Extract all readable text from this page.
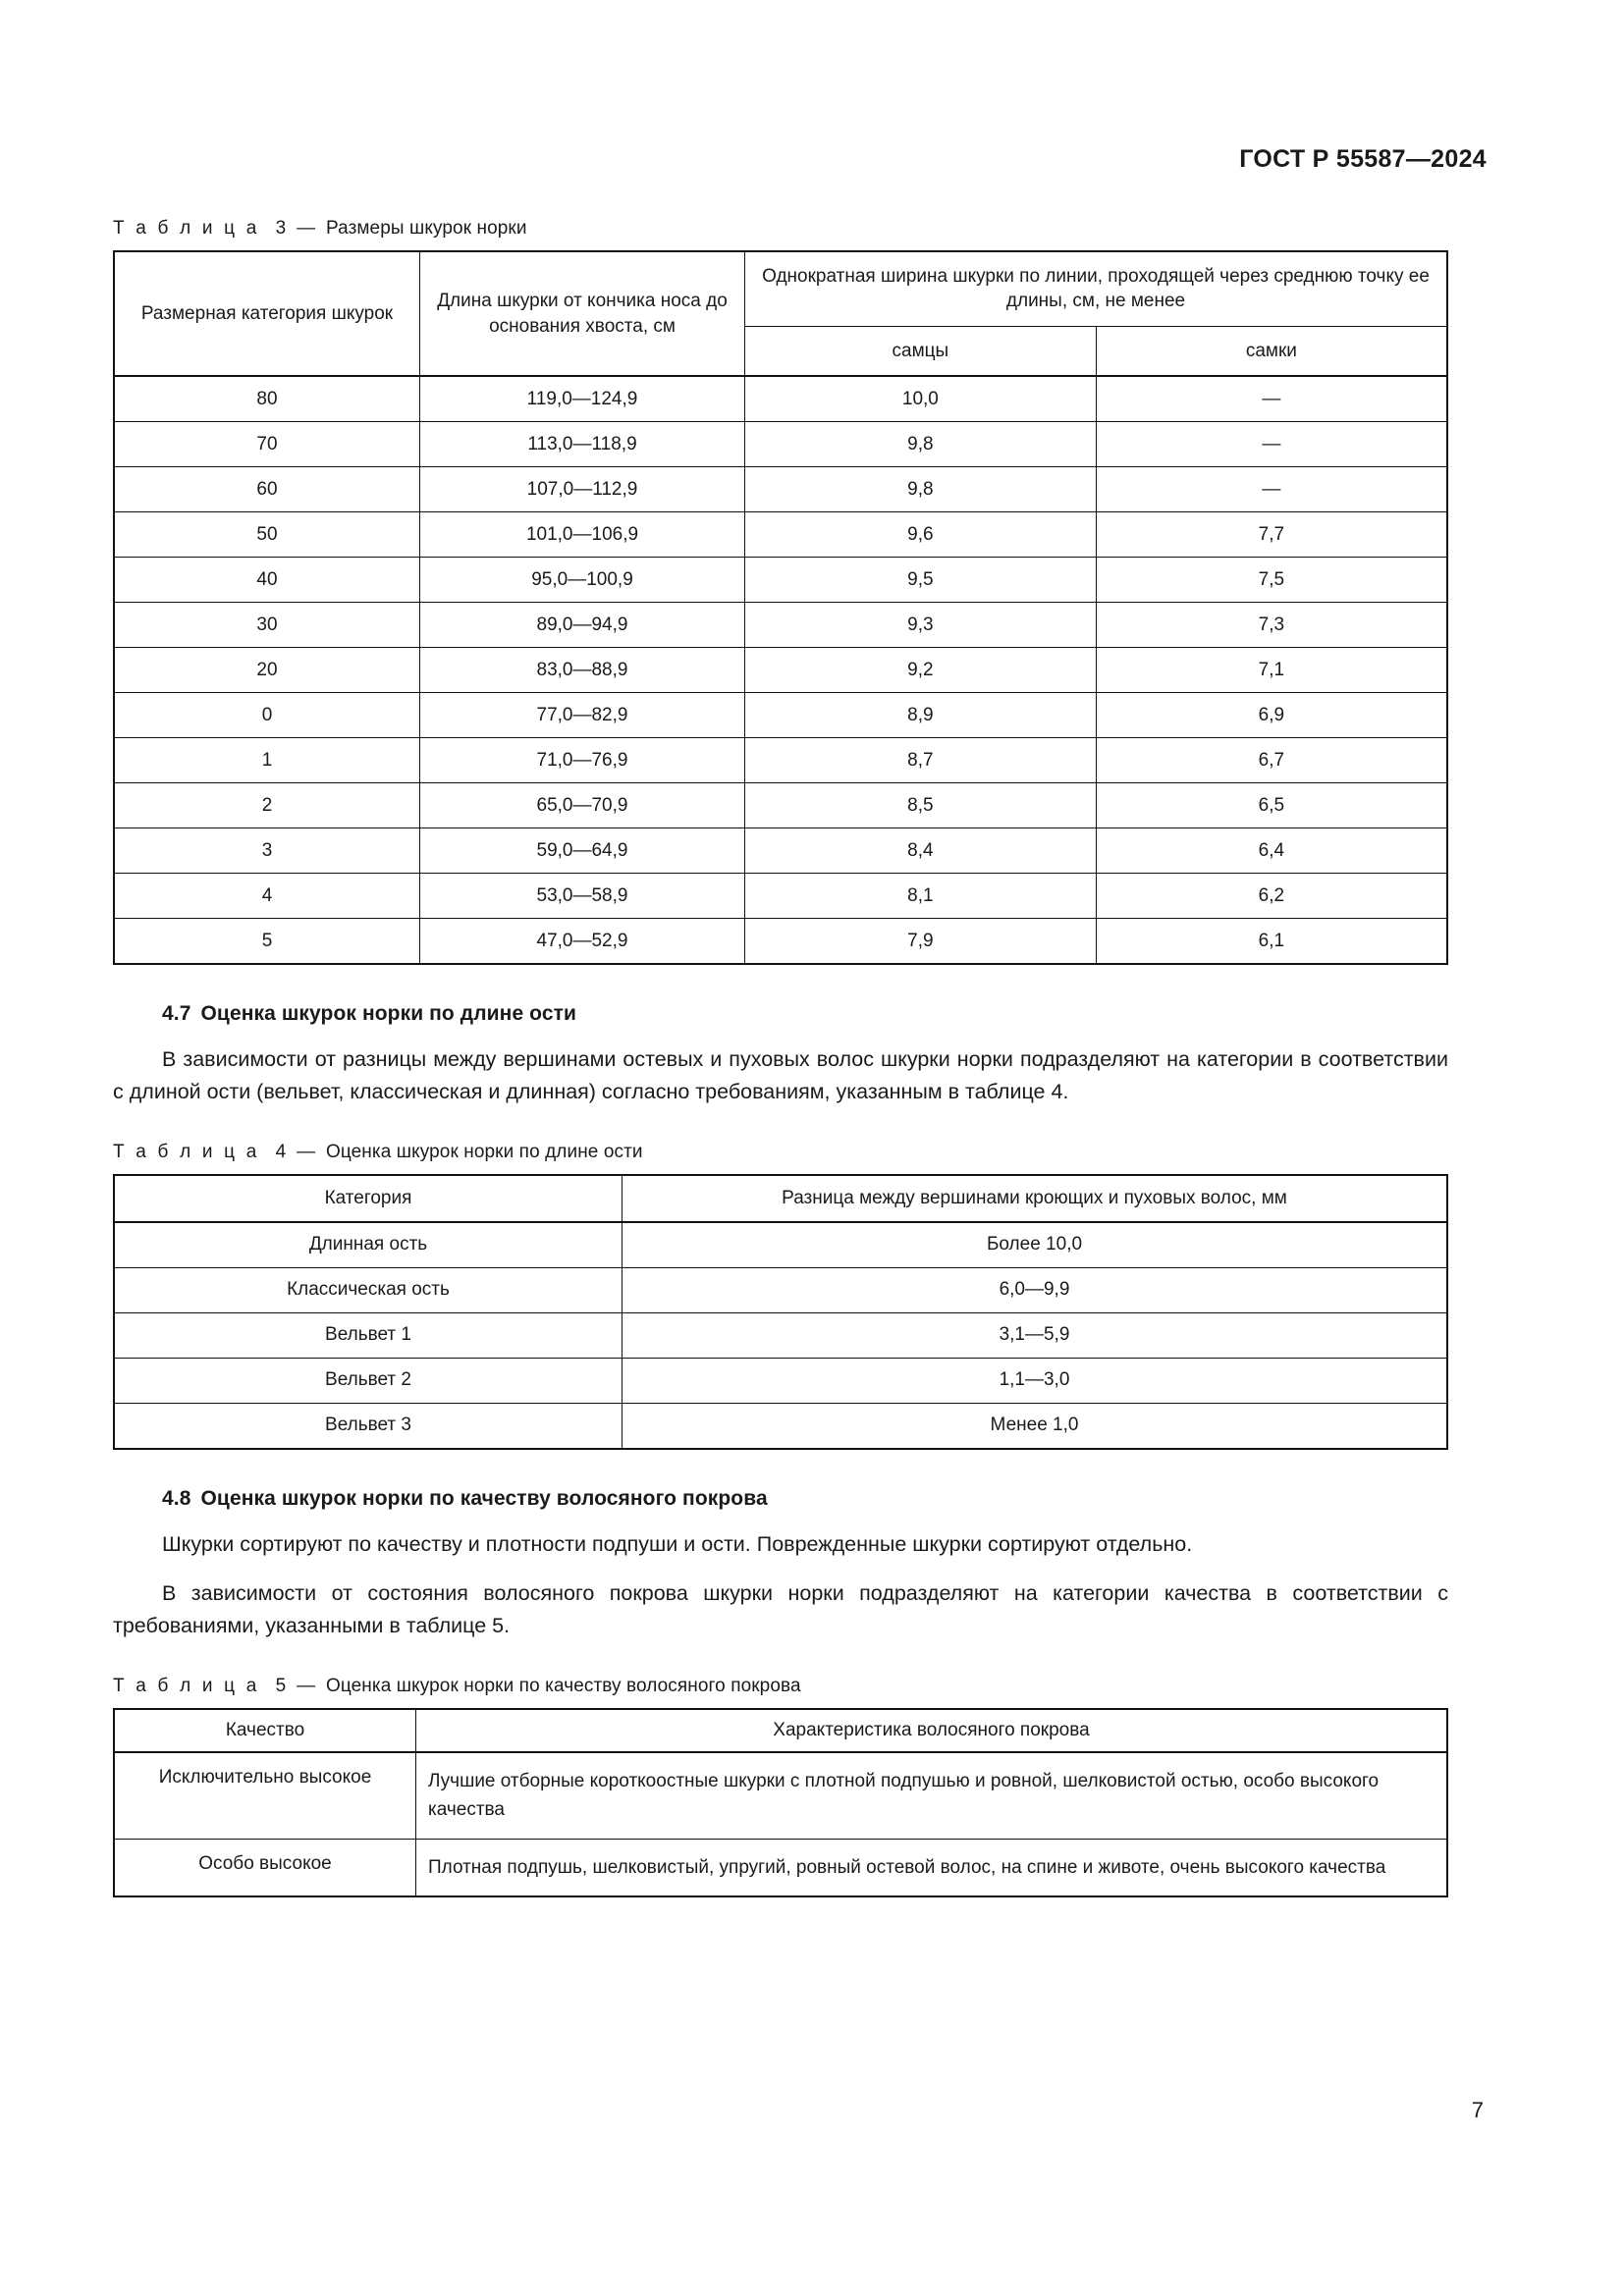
ГОСТ Р 55587—2024
Т а б л и ц а 3 — Размеры шкурок норки
Размерная категория шкурок	Длина шкурки от кончика носа до основания хвоста, см	Однократная ширина шкурки по линии, проходящей через среднюю точку ее длины, см, не менее	
		самцы	самки
80	119,0—124,9	10,0	—
70	113,0—118,9	9,8	—
60	107,0—112,9	9,8	—
50	101,0—106,9	9,6	7,7
40	95,0—100,9	9,5	7,5
30	89,0—94,9	9,3	7,3
20	83,0—88,9	9,2	7,1
0	77,0—82,9	8,9	6,9
1	71,0—76,9	8,7	6,7
2	65,0—70,9	8,5	6,5
3	59,0—64,9	8,4	6,4
4	53,0—58,9	8,1	6,2
5	47,0—52,9	7,9	6,1
4.7 Оценка шкурок норки по длине ости

В зависимости от разницы между вершинами остевых и пуховых волос шкурки норки подразделяют на категории в соответствии с длиной ости (вельвет, классическая и длинная) согласно требованиям, указанным в таблице 4.

Т а б л и ц а 4 — Оценка шкурок норки по длине ости
Категория	Разница между вершинами кроющих и пуховых волос, мм
Длинная ость	Более 10,0
Классическая ость	6,0—9,9
Вельвет 1	3,1—5,9
Вельвет 2	1,1—3,0
Вельвет 3	Менее 1,0
4.8 Оценка шкурок норки по качеству волосяного покрова

Шкурки сортируют по качеству и плотности подпуши и ости. Поврежденные шкурки сортируют отдельно.

В зависимости от состояния волосяного покрова шкурки норки подразделяют на категории качества в соответствии с требованиями, указанными в таблице 5.

Т а б л и ц а 5 — Оценка шкурок норки по качеству волосяного покрова
Качество	Характеристика волосяного покрова
Исключительно высокое	Лучшие отборные короткоостные шкурки с плотной подпушью и ровной, шелковистой остью, особо высокого качества
Особо высокое	Плотная подпушь, шелковистый, упругий, ровный остевой волос, на спине и животе, очень высокого качества
7
